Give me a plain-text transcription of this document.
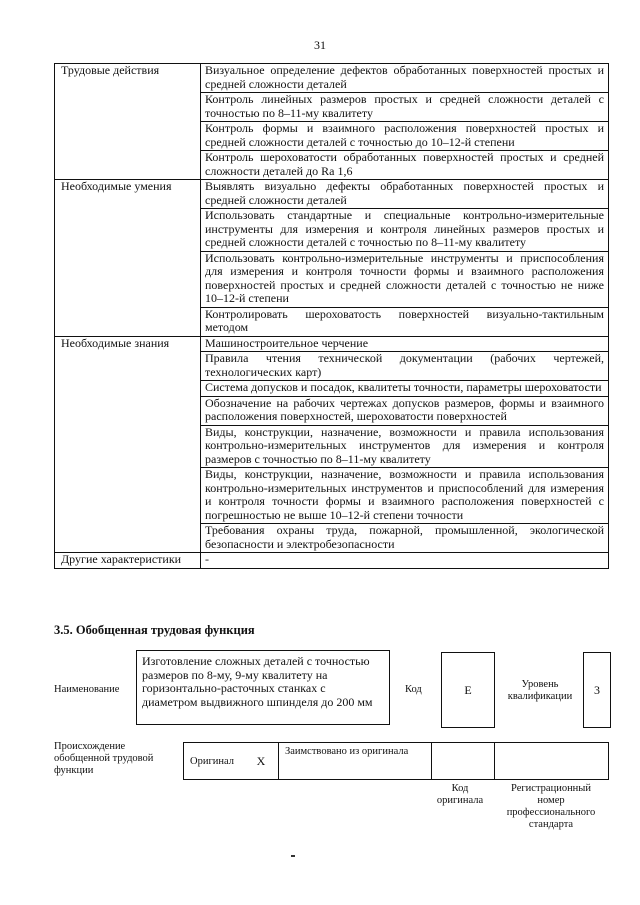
31
Трудовые действия	Визуальное определение дефектов обработанных поверхностей простых и средней сложности деталей
	Контроль линейных размеров простых и средней сложности деталей с точностью по 8–11-му квалитету
	Контроль формы и взаимного расположения поверхностей простых и средней сложности деталей с точностью до 10–12-й степени
	Контроль шероховатости обработанных поверхностей простых и средней сложности деталей до Ra 1,6
Необходимые умения	Выявлять визуально дефекты обработанных поверхностей простых и средней сложности деталей
	Использовать стандартные и специальные контрольно-измерительные инструменты для измерения и контроля линейных размеров простых и средней сложности деталей с точностью по 8–11-му квалитету
	Использовать контрольно-измерительные инструменты и приспособления для измерения и контроля точности формы и взаимного расположения поверхностей простых и средней сложности деталей с точностью не ниже 10–12-й степени
	Контролировать шероховатость поверхностей визуально-тактильным методом
Необходимые знания	Машиностроительное черчение
	Правила чтения технической документации (рабочих чертежей, технологических карт)
	Система допусков и посадок, квалитеты точности, параметры шероховатости
	Обозначение на рабочих чертежах допусков размеров, формы и взаимного расположения поверхностей, шероховатости поверхностей
	Виды, конструкции, назначение, возможности и правила использования контрольно-измерительных инструментов для измерения и контроля размеров с точностью по 8–11-му квалитету
	Виды, конструкции, назначение, возможности и правила использования контрольно-измерительных инструментов и приспособлений для измерения и контроля точности формы и взаимного расположения поверхностей с погрешностью не выше 10–12-й степени точности
	Требования охраны труда, пожарной, промышленной, экологической безопасности и электробезопасности
Другие характеристики	-
3.5. Обобщенная трудовая функция
Наименование
Изготовление сложных деталей с точностью размеров по 8-му, 9-му квалитету на горизонтально-расточных станках с диаметром выдвижного шпинделя до 200 мм
Код	E	Уровень квалификации	3
Происхождение обобщенной трудовой функции
Оригинал	X	Заимствовано из оригинала		
Код оригинала
Регистрационный номер профессионального стандарта
